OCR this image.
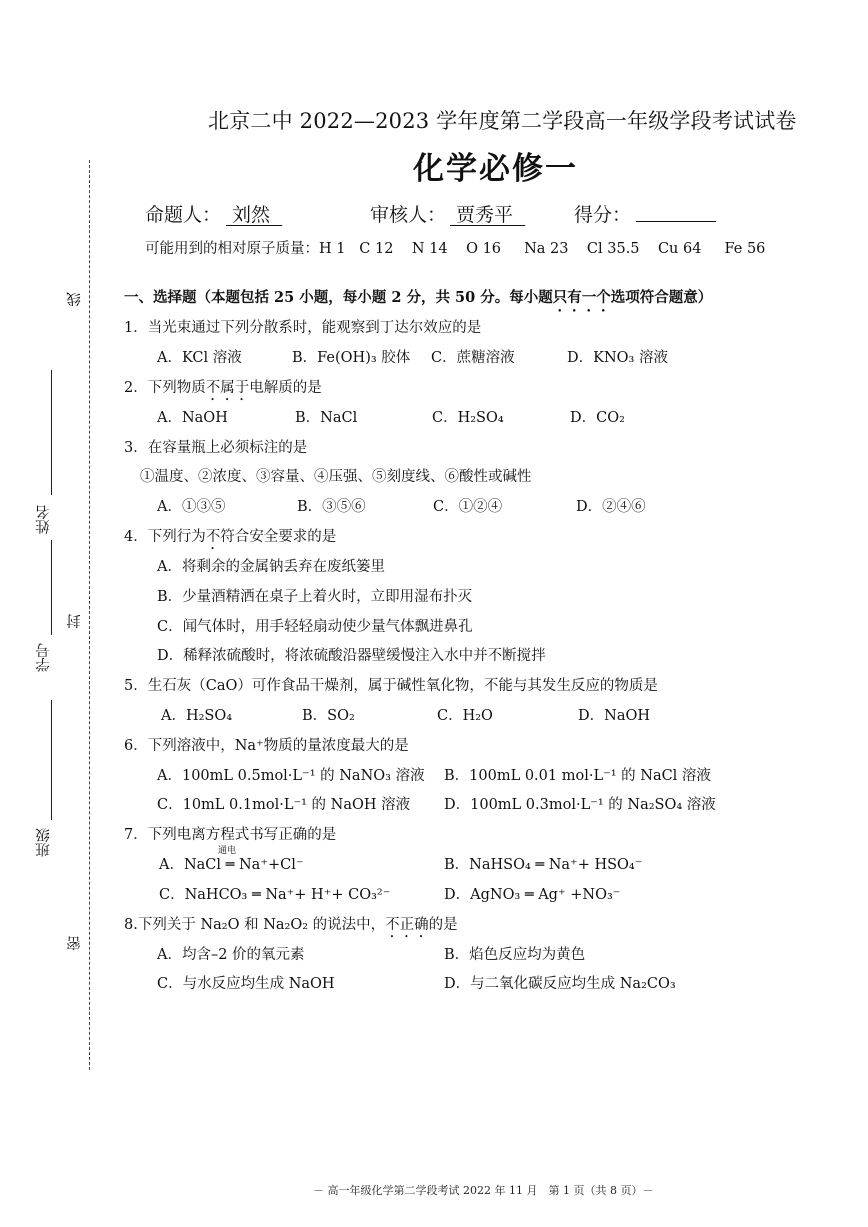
北京二中 2022—2023 学年度第二学段高一年级学段考试试卷
化学必修一
命题人： 刘然	审核人： 贾秀平	得分：
可能用到的相对原子质量：H 1   C 12    N 14    O 16     Na 23    Cl 35.5    Cu 64     Fe 56
一、选择题（本题包括 25 小题，每小题 2 分，共 50 分。每小题只有一个选项符合题意）
1．当光束通过下列分散系时，能观察到丁达尔效应的是
A．KCl 溶液	B．Fe(OH)₃ 胶体 C．蔗糖溶液	D．KNO₃ 溶液
2．下列物质不属于电解质的是
A．NaOH	B．NaCl	C．H₂SO₄	D．CO₂
3．在容量瓶上必须标注的是
①温度、②浓度、③容量、④压强、⑤刻度线、⑥酸性或碱性
A．①③⑤	B．③⑤⑥	C．①②④	D．②④⑥
4．下列行为不符合安全要求的是
A．将剩余的金属钠丢弃在废纸篓里
B．少量酒精洒在桌子上着火时，立即用湿布扑灭
C．闻气体时，用手轻轻扇动使少量气体飘进鼻孔
D．稀释浓硫酸时，将浓硫酸沿器壁缓慢注入水中并不断搅拌
5．生石灰（CaO）可作食品干燥剂，属于碱性氧化物，不能与其发生反应的物质是
A．H₂SO₄	B．SO₂	C．H₂O	D．NaOH
6．下列溶液中，Na⁺物质的量浓度最大的是
A．100mL 0.5mol·L⁻¹ 的 NaNO₃ 溶液 B．100mL 0.01 mol·L⁻¹ 的 NaCl 溶液
C．10mL 0.1mol·L⁻¹ 的 NaOH 溶液 D．100mL 0.3mol·L⁻¹ 的 Na₂SO₄ 溶液
7．下列电离方程式书写正确的是
通电
A．NaCl ═ Na⁺+Cl⁻	B．NaHSO₄ ═ Na⁺+ HSO₄⁻
C．NaHCO₃ ═ Na⁺+ H⁺+ CO₃²⁻	D．AgNO₃ ═ Ag⁺ +NO₃⁻
8.下列关于 Na₂O 和 Na₂O₂ 的说法中，不正确的是
A．均含–2 价的氧元素	B．焰色反应均为黄色
C．与水反应均生成 NaOH	D．与二氧化碳反应均生成 Na₂CO₃
线
封
密
姓名
学号
班级
－ 高一年级化学第二学段考试 2022 年 11 月　第 1 页（共 8 页）－
